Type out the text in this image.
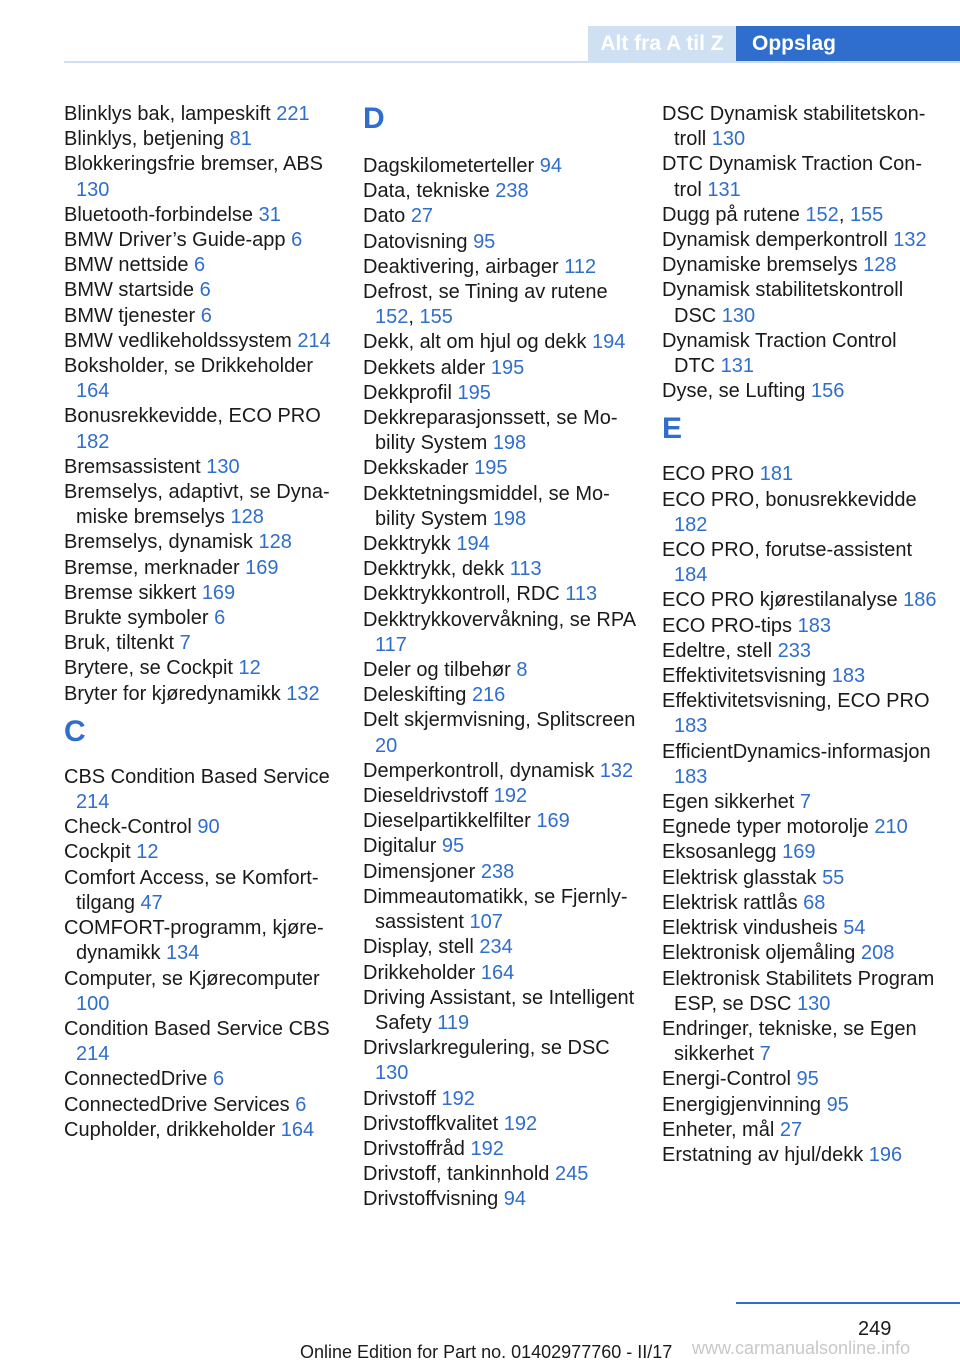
Alt fra A til Z	Oppslag
Blinklys bak, lampeskift 221
Blinklys, betjening 81
Blokkeringsfrie bremser, ABS 130
Bluetooth-forbindelse 31
BMW Driver’s Guide-app 6
BMW nettside 6
BMW startside 6
BMW tjenester 6
BMW vedlikeholdssystem 214
Boksholder, se Drikkeholder 164
Bonusrekkevidde, ECO PRO 182
Bremsassistent 130
Bremselys, adaptivt, se Dynamiske bremselys 128
Bremselys, dynamisk 128
Bremse, merknader 169
Bremse sikkert 169
Brukte symboler 6
Bruk, tiltenkt 7
Brytere, se Cockpit 12
Bryter for kjøredynamikk 132
C
CBS Condition Based Service 214
Check-Control 90
Cockpit 12
Comfort Access, se Komforttilgang 47
COMFORT-programm, kjøredynamikk 134
Computer, se Kjørecomputer 100
Condition Based Service CBS 214
ConnectedDrive 6
ConnectedDrive Services 6
Cupholder, drikkeholder 164
D
Dagskilometerteller 94
Data, tekniske 238
Dato 27
Datovisning 95
Deaktivering, airbager 112
Defrost, se Tining av rutene 152, 155
Dekk, alt om hjul og dekk 194
Dekkets alder 195
Dekkprofil 195
Dekkreparasjonssett, se Mobility System 198
Dekkskader 195
Dekktetningsmiddel, se Mobility System 198
Dekktrykk 194
Dekktrykk, dekk 113
Dekktrykkontroll, RDC 113
Dekktrykkovervåkning, se RPA 117
Deler og tilbehør 8
Deleskifting 216
Delt skjermvisning, Splitscreen 20
Demperkontroll, dynamisk 132
Dieseldrivstoff 192
Dieselpartikkelfilter 169
Digitalur 95
Dimensjoner 238
Dimmeautomatikk, se Fjernlysassistent 107
Display, stell 234
Drikkeholder 164
Driving Assistant, se Intelligent Safety 119
Drivslarkregulering, se DSC 130
Drivstoff 192
Drivstoffkvalitet 192
Drivstoffråd 192
Drivstoff, tankinnhold 245
Drivstoffvisning 94
DSC Dynamisk stabilitetskontroll 130
DTC Dynamisk Traction Control 131
Dugg på rutene 152, 155
Dynamisk demperkontroll 132
Dynamiske bremselys 128
Dynamisk stabilitetskontroll DSC 130
Dynamisk Traction Control DTC 131
Dyse, se Lufting 156
E
ECO PRO 181
ECO PRO, bonusrekkevidde 182
ECO PRO, forutse-assistent 184
ECO PRO kjørestilanalyse 186
ECO PRO-tips 183
Edeltre, stell 233
Effektivitetsvisning 183
Effektivitetsvisning, ECO PRO 183
EfficientDynamics-informasjon 183
Egen sikkerhet 7
Egnede typer motorolje 210
Eksosanlegg 169
Elektrisk glasstak 55
Elektrisk rattlås 68
Elektrisk vindusheis 54
Elektronisk oljemåling 208
Elektronisk Stabilitets Program ESP, se DSC 130
Endringer, tekniske, se Egen sikkerhet 7
Energi-Control 95
Energigjenvinning 95
Enheter, mål 27
Erstatning av hjul/dekk 196
249
Online Edition for Part no. 01402977760 - II/17 www.carmanualsonline.info
